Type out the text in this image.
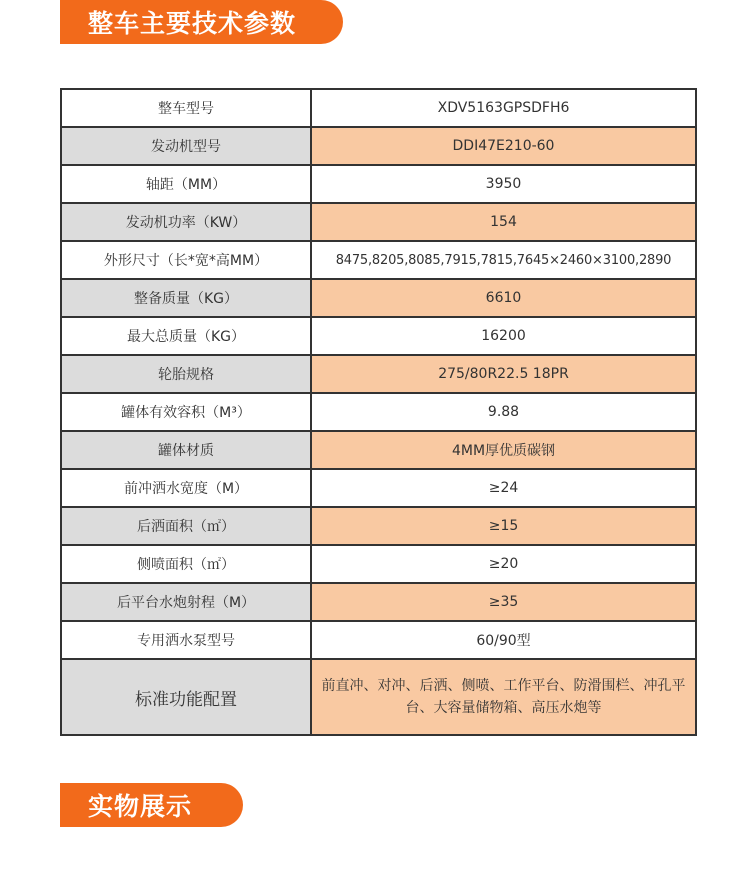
整车主要技术参数
整车型号	XDV5163GPSDFH6
发动机型号	DDI47E210-60
轴距（MM）	3950
发动机功率（KW）	154
外形尺寸（长*宽*高MM）	8475,8205,8085,7915,7815,7645×2460×3100,2890
整备质量（KG）	6610
最大总质量（KG）	16200
轮胎规格	275/80R22.5 18PR
罐体有效容积（M³）	9.88
罐体材质	4MM厚优质碳钢
前冲洒水宽度（M）	≥24
后洒面积（㎡）	≥15
侧喷面积（㎡）	≥20
后平台水炮射程（M）	≥35
专用洒水泵型号	60/90型
标准功能配置	前直冲、对冲、后洒、侧喷、工作平台、防滑围栏、冲孔平台、大容量储物箱、高压水炮等
实物展示
